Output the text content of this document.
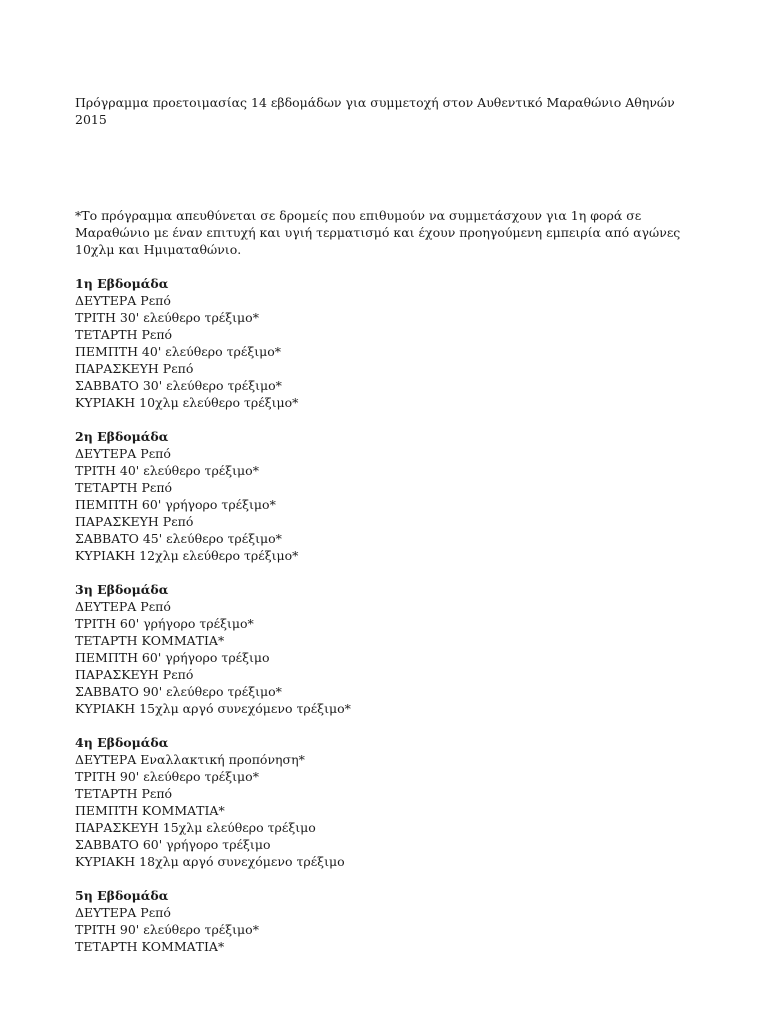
Πρόγραμμα προετοιμασίας 14 εβδομάδων για συμμετοχή στον Αυθεντικό Μαραθώνιο Αθηνών 2015

*Το πρόγραμμα απευθύνεται σε δρομείς που επιθυμούν να συμμετάσχουν για 1η φορά σε Μαραθώνιο με έναν επιτυχή και υγιή τερματισμό και έχουν προηγούμενη εμπειρία από αγώνες 10χλμ και Ημιματαθώνιο.
1η Εβδομάδα
ΔΕΥΤΕΡΑ Ρεπό
ΤΡΙΤΗ 30' ελεύθερο τρέξιμο*
ΤΕΤΑΡΤΗ Ρεπό
ΠΕΜΠΤΗ 40' ελεύθερο τρέξιμο*
ΠΑΡΑΣΚΕΥΗ Ρεπό
ΣΑΒΒΑΤΟ 30' ελεύθερο τρέξιμο*
ΚΥΡΙΑΚΗ 10χλμ ελεύθερο τρέξιμο*
2η Εβδομάδα
ΔΕΥΤΕΡΑ Ρεπό
ΤΡΙΤΗ 40' ελεύθερο τρέξιμο*
ΤΕΤΑΡΤΗ Ρεπό
ΠΕΜΠΤΗ 60' γρήγορο τρέξιμο*
ΠΑΡΑΣΚΕΥΗ Ρεπό
ΣΑΒΒΑΤΟ 45' ελεύθερο τρέξιμο*
ΚΥΡΙΑΚΗ 12χλμ ελεύθερο τρέξιμο*
3η Εβδομάδα
ΔΕΥΤΕΡΑ Ρεπό
ΤΡΙΤΗ 60' γρήγορο τρέξιμο*
ΤΕΤΑΡΤΗ ΚΟΜΜΑΤΙΑ*
ΠΕΜΠΤΗ 60' γρήγορο τρέξιμο
ΠΑΡΑΣΚΕΥΗ Ρεπό
ΣΑΒΒΑΤΟ 90' ελεύθερο τρέξιμο*
ΚΥΡΙΑΚΗ 15χλμ αργό συνεχόμενο τρέξιμο*
4η Εβδομάδα
ΔΕΥΤΕΡΑ Εναλλακτική προπόνηση*
ΤΡΙΤΗ 90' ελεύθερο τρέξιμο*
ΤΕΤΑΡΤΗ Ρεπό
ΠΕΜΠΤΗ ΚΟΜΜΑΤΙΑ*
ΠΑΡΑΣΚΕΥΗ 15χλμ ελεύθερο τρέξιμο
ΣΑΒΒΑΤΟ 60' γρήγορο τρέξιμο
ΚΥΡΙΑΚΗ 18χλμ αργό συνεχόμενο τρέξιμο
5η Εβδομάδα
ΔΕΥΤΕΡΑ Ρεπό
ΤΡΙΤΗ 90' ελεύθερο τρέξιμο*
ΤΕΤΑΡΤΗ ΚΟΜΜΑΤΙΑ*
